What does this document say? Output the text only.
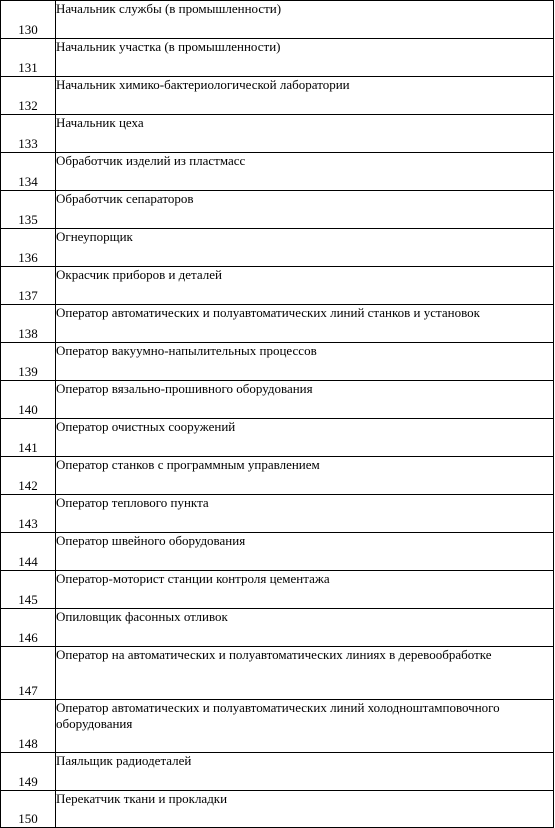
130	Начальник службы (в промышленности)
131	Начальник участка (в промышленности)
132	Начальник химико-бактериологической лаборатории
133	Начальник цеха
134	Обработчик изделий из пластмасс
135	Обработчик сепараторов
136	Огнеупорщик
137	Окрасчик приборов и деталей
138	Оператор автоматических и полуавтоматических линий станков и установок
139	Оператор вакуумно-напылительных процессов
140	Оператор вязально-прошивного оборудования
141	Оператор очистных сооружений
142	Оператор станков с программным управлением
143	Оператор теплового пункта
144	Оператор швейного оборудования
145	Оператор-моторист станции контроля цементажа
146	Опиловщик фасонных отливок
147	Оператор на автоматических и полуавтоматических линиях в деревообработке
148	Оператор автоматических и полуавтоматических линий холодноштамповочного оборудования
149	Паяльщик радиодеталей
150	Перекатчик ткани и прокладки
